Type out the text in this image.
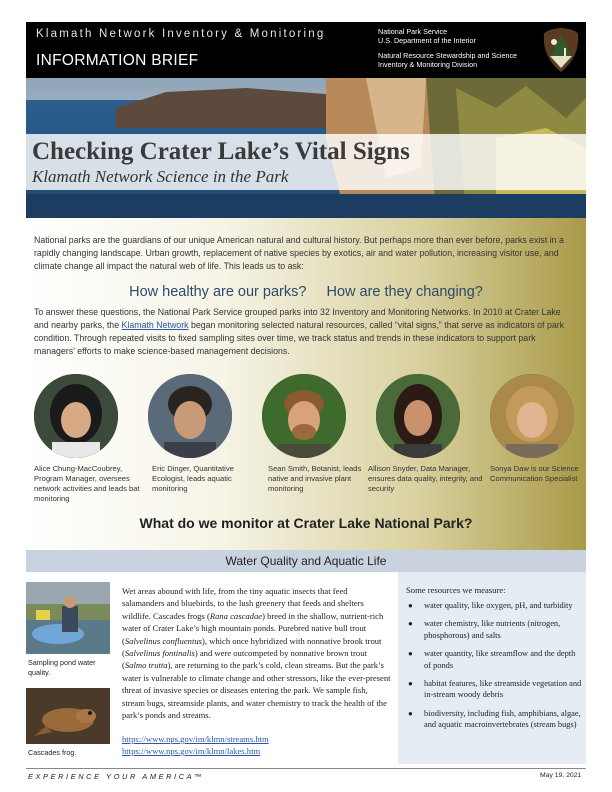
Klamath Network Inventory & Monitoring
INFORMATION BRIEF
National Park Service
U.S. Department of the Interior
Natural Resource Stewardship and Science
Inventory & Monitoring Division
Checking Crater Lake’s Vital Signs
Klamath Network Science in the Park
National parks are the guardians of our unique American natural and cultural history. But perhaps more than ever before, parks exist in a rapidly changing landscape. Urban growth, replacement of native species by exotics, air and water pollution, increasing visitor use, and climate change all impact the natural web of life. This leads us to ask:
How healthy are our parks? How are they changing?
To answer these questions, the National Park Service grouped parks into 32 Inventory and Monitoring Networks. In 2010 at Crater Lake and nearby parks, the Klamath Network began monitoring selected natural resources, called “vital signs,” that serve as indicators of park condition. Through repeated visits to fixed sampling sites over time, we track status and trends in these indicators to support park managers’ efforts to make science-based management decisions.
Alice Chung-MacCoubrey, Program Manager, oversees network activities and leads bat monitoring
Eric Dinger, Quantitative Ecologist, leads aquatic monitoring
Sean Smith, Botanist, leads native and invasive plant monitoring
Allison Snyder, Data Manager, ensures data quality, integrity, and security
Sonya Daw is our Science Communication Specialist
What do we monitor at Crater Lake National Park?
Water Quality and Aquatic Life
Sampling pond water quality.
Cascades frog.
Wet areas abound with life, from the tiny aquatic insects that feed salamanders and bluebirds, to the lush greenery that feeds and shelters wildlife. Cascades frogs (Rana cascadae) breed in the shallow, nutrient-rich water of Crater Lake’s high mountain ponds. Purebred native bull trout (Salvelinus confluentus), which once hybridized with nonnative brook trout (Salvelinus fontinalis) and were outcompeted by nonnative brown trout (Salmo trutta), are returning to the park’s cold, clean streams. But the park’s water is vulnerable to climate change and other stressors, like the ever-present threat of invasive species or diseases entering the park. We sample fish, stream bugs, streamside plants, and water chemistry to track the health of the park’s ponds and streams.
https://www.nps.gov/im/klmn/streams.htm
https://www.nps.gov/im/klmn/lakes.htm
Some resources we measure:
● water quality, like oxygen, pH, and turbidity
● water chemistry, like nutrients (nitrogen, phosphorous) and salts
● water quantity, like streamflow and the depth of ponds
● habitat features, like streamside vegetation and in-stream woody debris
● biodiversity, including fish, amphibians, algae, and aquatic macroinvertebrates (stream bugs)
EXPERIENCE YOUR AMERICA™	May 19, 2021
